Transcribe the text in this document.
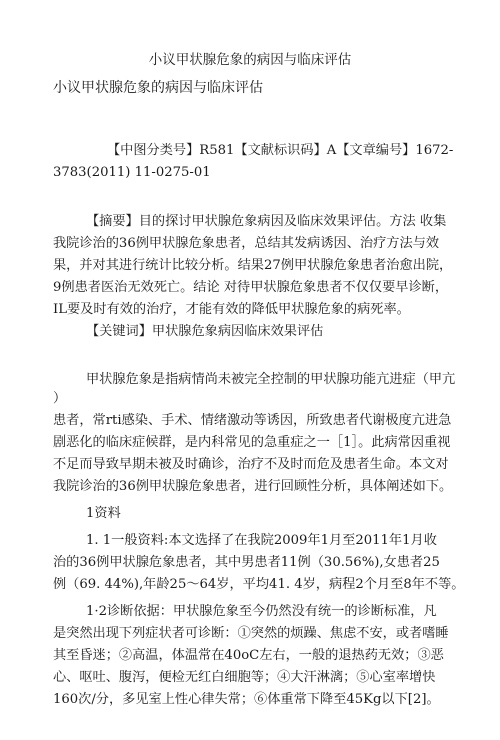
小议甲状腺危象的病因与临床评估
小议甲状腺危象的病因与临床评估
【中图分类号】R581【文献标识码】A【文章编号】1672-
3783(2011) 11-0275-01
【摘要】目的探讨甲状腺危象病因及临床效果评估。方法 收集
我院诊治的36例甲状腺危象患者，总结其发病诱因、治疗方法与效
果，并对其进行统计比较分析。结果27例甲状腺危象患者治愈出院，
9例患者医治无效死亡。结论 对待甲状腺危象患者不仅仅要早诊断，
IL要及时有效的治疗，才能有效的降低甲状腺危象的病死率。
【关键词】甲状腺危象病因临床效果评估
甲状腺危象是指病情尚未被完全控制的甲状腺功能亢进症（甲亢
）
患者，常rti感染、手术、情绪激动等诱因，所致患者代谢极度亢进急
剧恶化的临床症候群，是内科常见的急重症之一［1］。此病常因重视
不足而导致早期未被及时确诊，治疗不及时而危及患者生命。本文对
我院诊治的36例甲状腺危象患者，进行回顾性分析，具体阐述如下。
1资料
1. 1一般资料:本文选择了在我院2009年1月至2011年1月收
治的36例甲状腺危象患者，其中男患者11例（30.56%),女患者25
例（69. 44%),年龄25～64岁，平均41. 4岁，病程2个月至8年不等。
1·2诊断依据：甲状腺危象至今仍然没有统一的诊断标准，凡
是突然出现下列症状者可诊断：①突然的烦躁、焦虑不安，或者嗜睡
其至昏迷；②高温，体温常在40oC左右，一般的退热药无效；③恶
心、呕吐、腹泻，便检无红白细胞等；④大汗淋漓；⑤心室率增快
160次/分，多见室上性心律失常；⑥体重常下降至45Kg以下[2]。
